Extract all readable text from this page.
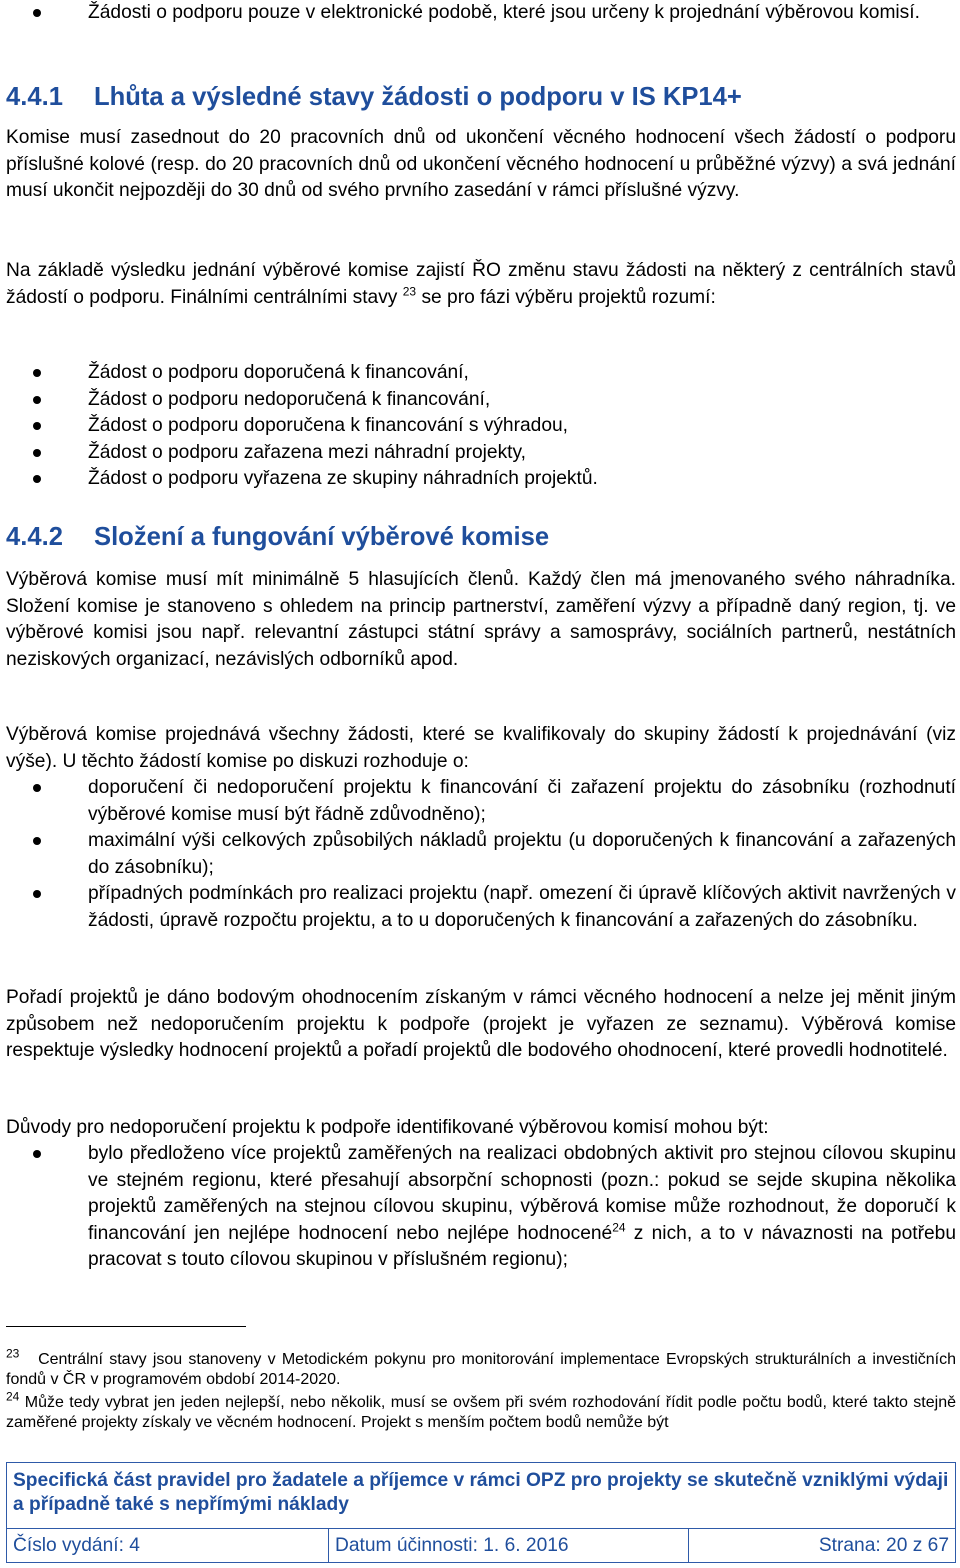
Žádosti o podporu pouze v elektronické podobě, které jsou určeny k projednání výběrovou komisí.
4.4.1 Lhůta a výsledné stavy žádosti o podporu v IS KP14+

Komise musí zasednout do 20 pracovních dnů od ukončení věcného hodnocení všech žádostí o podporu příslušné kolové (resp. do 20 pracovních dnů od ukončení věcného hodnocení u průběžné výzvy) a svá jednání musí ukončit nejpozději do 30 dnů od svého prvního zasedání v rámci příslušné výzvy.

Na základě výsledku jednání výběrové komise zajistí ŘO změnu stavu žádosti na některý z centrálních stavů žádostí o podporu. Finálními centrálními stavy $^{23}$ se pro fázi výběru projektů rozumí:

Žádost o podporu doporučená k financování,
Žádost o podporu nedoporučená k financování,
Žádost o podporu doporučena k financování s výhradou,
Žádost o podporu zařazena mezi náhradní projekty,
Žádost o podporu vyřazena ze skupiny náhradních projektů.
4.4.2 Složení a fungování výběrové komise

Výběrová komise musí mít minimálně 5 hlasujících členů. Každý člen má jmenovaného svého náhradníka. Složení komise je stanoveno s ohledem na princip partnerství, zaměření výzvy a případně daný region, tj. ve výběrové komisi jsou např. relevantní zástupci státní správy a samosprávy, sociálních partnerů, nestátních neziskových organizací, nezávislých odborníků apod.

Výběrová komise projednává všechny žádosti, které se kvalifikovaly do skupiny žádostí k projednávání (viz výše). U těchto žádostí komise po diskuzi rozhoduje o:

doporučení či nedoporučení projektu k financování či zařazení projektu do zásobníku (rozhodnutí výběrové komise musí být řádně zdůvodněno);
maximální výši celkových způsobilých nákladů projektu (u doporučených k financování a zařazených do zásobníku);
případných podmínkách pro realizaci projektu (např. omezení či úpravě klíčových aktivit navržených v žádosti, úpravě rozpočtu projektu, a to u doporučených k financování a zařazených do zásobníku.

Pořadí projektů je dáno bodovým ohodnocením získaným v rámci věcného hodnocení a nelze jej měnit jiným způsobem než nedoporučením projektu k podpoře (projekt je vyřazen ze seznamu). Výběrová komise respektuje výsledky hodnocení projektů a pořadí projektů dle bodového ohodnocení, které provedli hodnotitelé.

Důvody pro nedoporučení projektu k podpoře identifikované výběrovou komisí mohou být:

bylo předloženo více projektů zaměřených na realizaci obdobných aktivit pro stejnou cílovou skupinu ve stejném regionu, které přesahují absorpční schopnosti (pozn.: pokud se sejde skupina několika projektů zaměřených na stejnou cílovou skupinu, výběrová komise může rozhodnout, že doporučí k financování jen nejlépe hodnocení nebo nejlépe hodnocené$^{24}$ z nich, a to v návaznosti na potřebu pracovat s touto cílovou skupinou v příslušném regionu);

$^{23}$ Centrální stavy jsou stanoveny v Metodickém pokynu pro monitorování implementace Evropských strukturálních a investičních fondů v ČR v programovém období 2014-2020.

$^{24}$ Může tedy vybrat jen jeden nejlepší, nebo několik, musí se ovšem při svém rozhodování řídit podle počtu bodů, které takto stejně zaměřené projekty získaly ve věcném hodnocení. Projekt s menším počtem bodů nemůže být

Specifická část pravidel pro žadatele a příjemce v rámci OPZ pro projekty se skutečně vzniklými výdaji a případně také s nepřímými náklady
Číslo vydání: 4	Datum účinnosti: 1. 6. 2016	Strana: 20 z 67
